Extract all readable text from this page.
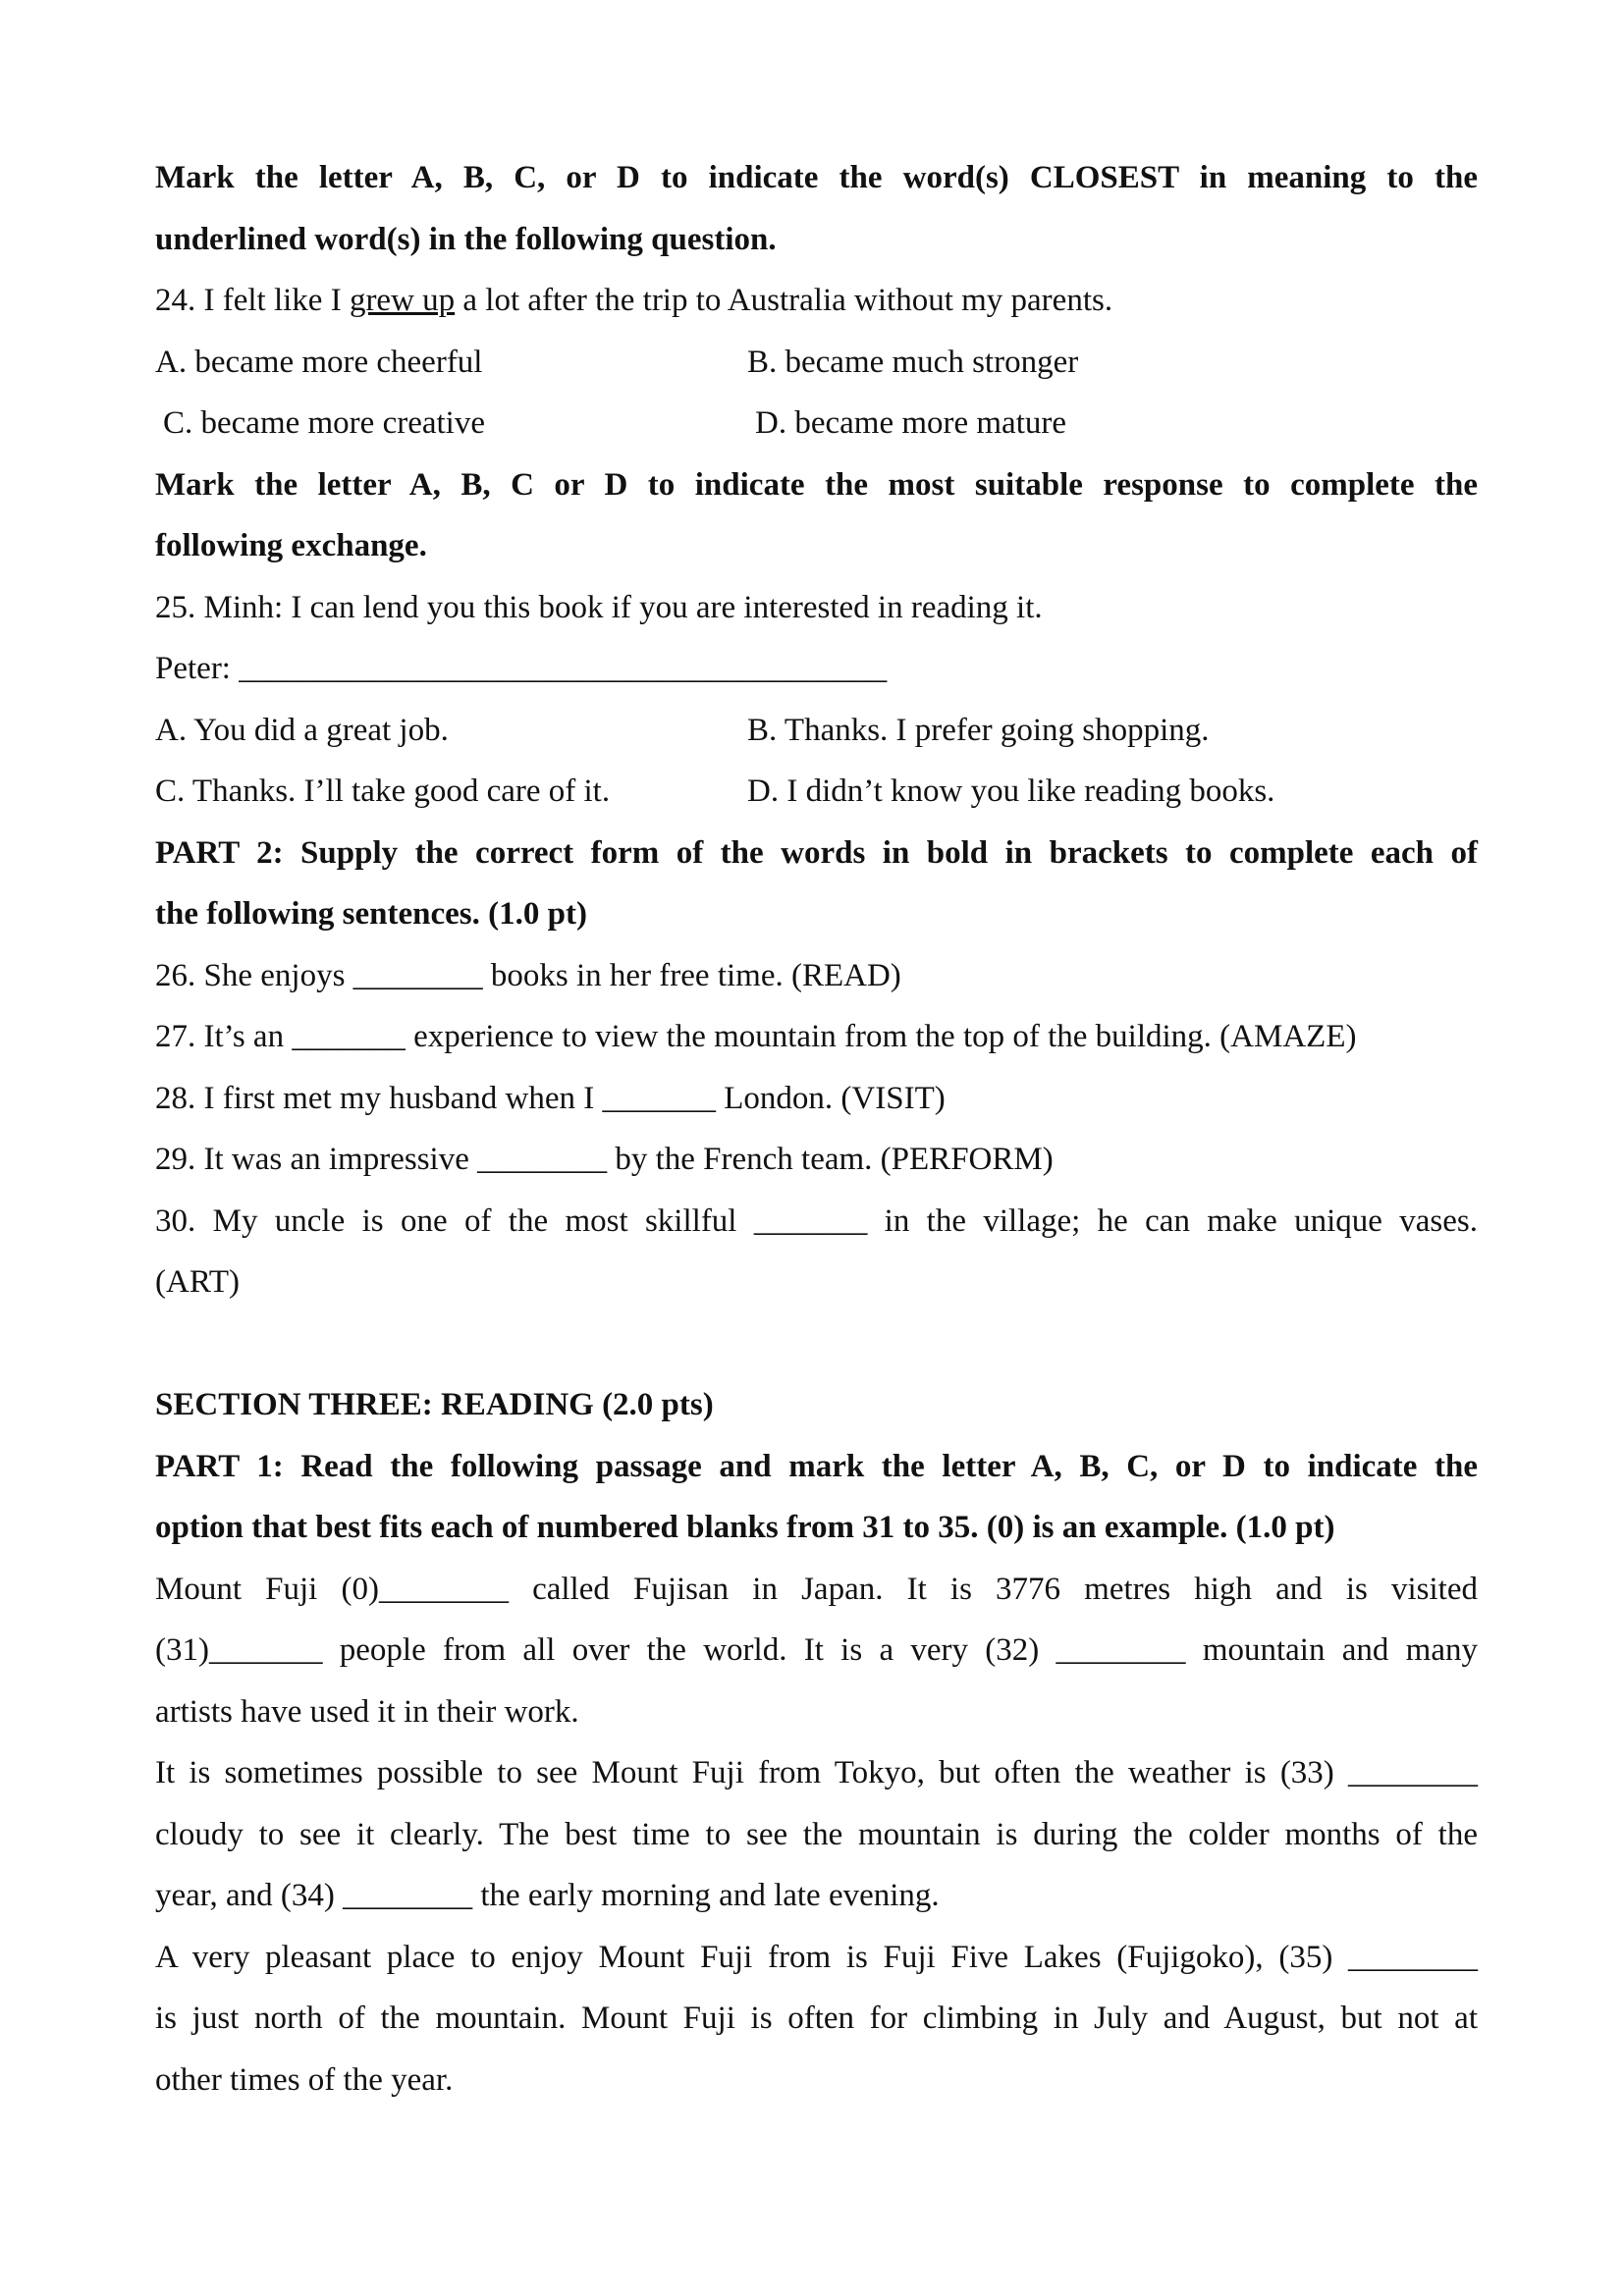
Mark the letter A, B, C, or D to indicate the word(s) CLOSEST in meaning to the
underlined word(s) in the following question.
24. I felt like I grew up a lot after the trip to Australia without my parents.
A. became more cheerful	B. became much stronger
C. became more creative	D. became more mature
Mark the letter A, B, C or D to indicate the most suitable response to complete the
following exchange.
25. Minh: I can lend you this book if you are interested in reading it.
Peter: ________________________________________
A. You did a great job.	B. Thanks. I prefer going shopping.
C. Thanks. I’ll take good care of it.	D. I didn’t know you like reading books.
PART 2: Supply the correct form of the words in bold in brackets to complete each of
the following sentences. (1.0 pt)
26. She enjoys ________ books in her free time. (READ)
27. It’s an _______ experience to view the mountain from the top of the building. (AMAZE)
28. I first met my husband when I _______ London. (VISIT)
29. It was an impressive ________ by the French team. (PERFORM)
30. My uncle is one of the most skillful _______ in the village; he can make unique vases.
(ART)
SECTION THREE: READING (2.0 pts)
PART 1: Read the following passage and mark the letter A, B, C, or D to indicate the
option that best fits each of numbered blanks from 31 to 35. (0) is an example. (1.0 pt)
Mount Fuji (0)________ called Fujisan in Japan. It is 3776 metres high and is visited
(31)_______ people from all over the world. It is a very (32) ________ mountain and many
artists have used it in their work.
It is sometimes possible to see Mount Fuji from Tokyo, but often the weather is (33) ________
cloudy to see it clearly. The best time to see the mountain is during the colder months of the
year, and (34) ________ the early morning and late evening.
A very pleasant place to enjoy Mount Fuji from is Fuji Five Lakes (Fujigoko), (35) ________
is just north of the mountain. Mount Fuji is often for climbing in July and August, but not at
other times of the year.
